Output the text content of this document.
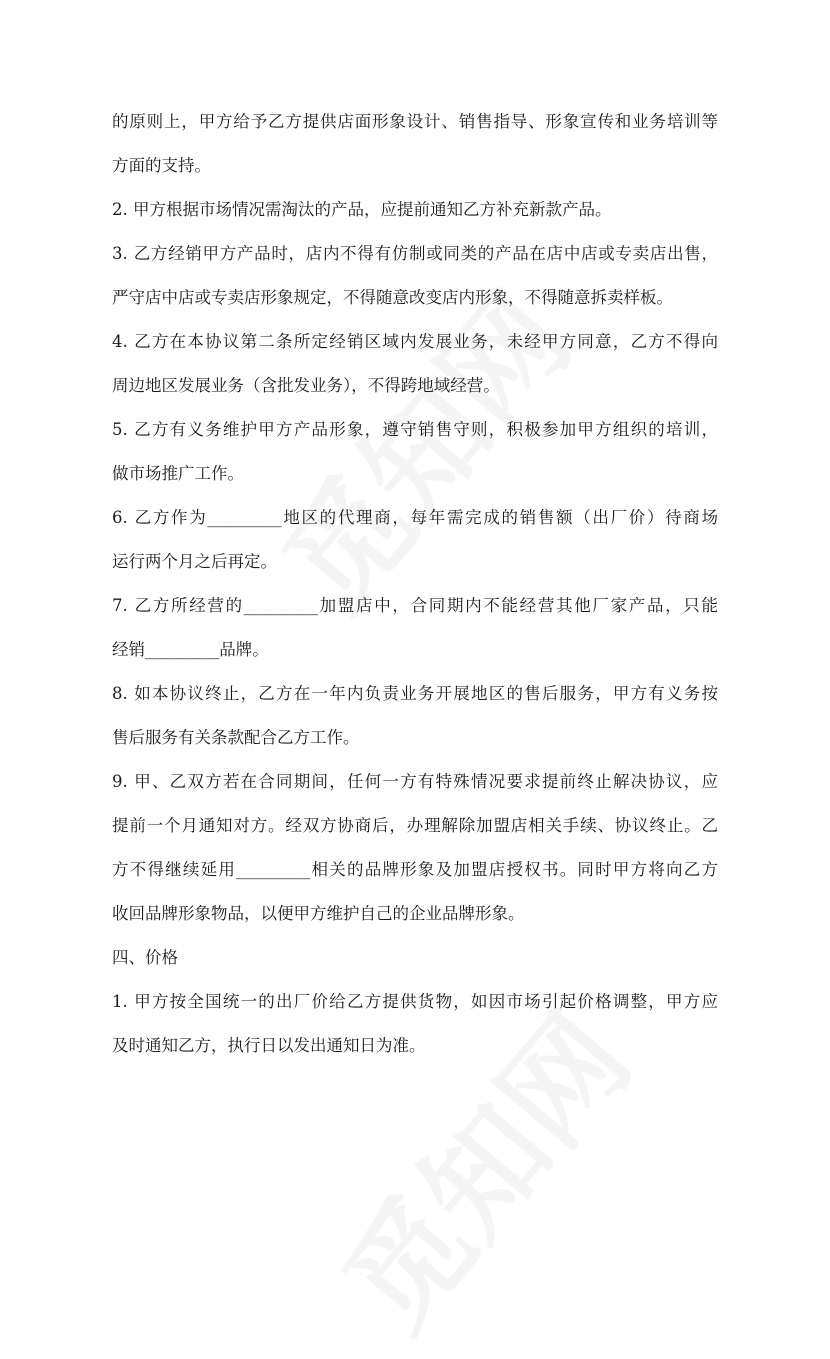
的原则上，甲方给予乙方提供店面形象设计、销售指导、形象宣传和业务培训等
方面的支持。
2. 甲方根据市场情况需淘汰的产品，应提前通知乙方补充新款产品。
3. 乙方经销甲方产品时，店内不得有仿制或同类的产品在店中店或专卖店出售，
严守店中店或专卖店形象规定，不得随意改变店内形象，不得随意拆卖样板。
4. 乙方在本协议第二条所定经销区域内发展业务，未经甲方同意，乙方不得向
周边地区发展业务（含批发业务），不得跨地域经营。
5. 乙方有义务维护甲方产品形象，遵守销售守则，积极参加甲方组织的培训，
做市场推广工作。
6. 乙方作为_________地区的代理商，每年需完成的销售额（出厂价）待商场
运行两个月之后再定。
7. 乙方所经营的_________加盟店中，合同期内不能经营其他厂家产品，只能
经销_________品牌。
8. 如本协议终止，乙方在一年内负责业务开展地区的售后服务，甲方有义务按
售后服务有关条款配合乙方工作。
9. 甲、乙双方若在合同期间，任何一方有特殊情况要求提前终止解决协议，应
提前一个月通知对方。经双方协商后，办理解除加盟店相关手续、协议终止。乙
方不得继续延用_________相关的品牌形象及加盟店授权书。同时甲方将向乙方
收回品牌形象物品，以便甲方维护自己的企业品牌形象。
四、价格
1. 甲方按全国统一的出厂价给乙方提供货物，如因市场引起价格调整，甲方应
及时通知乙方，执行日以发出通知日为准。
